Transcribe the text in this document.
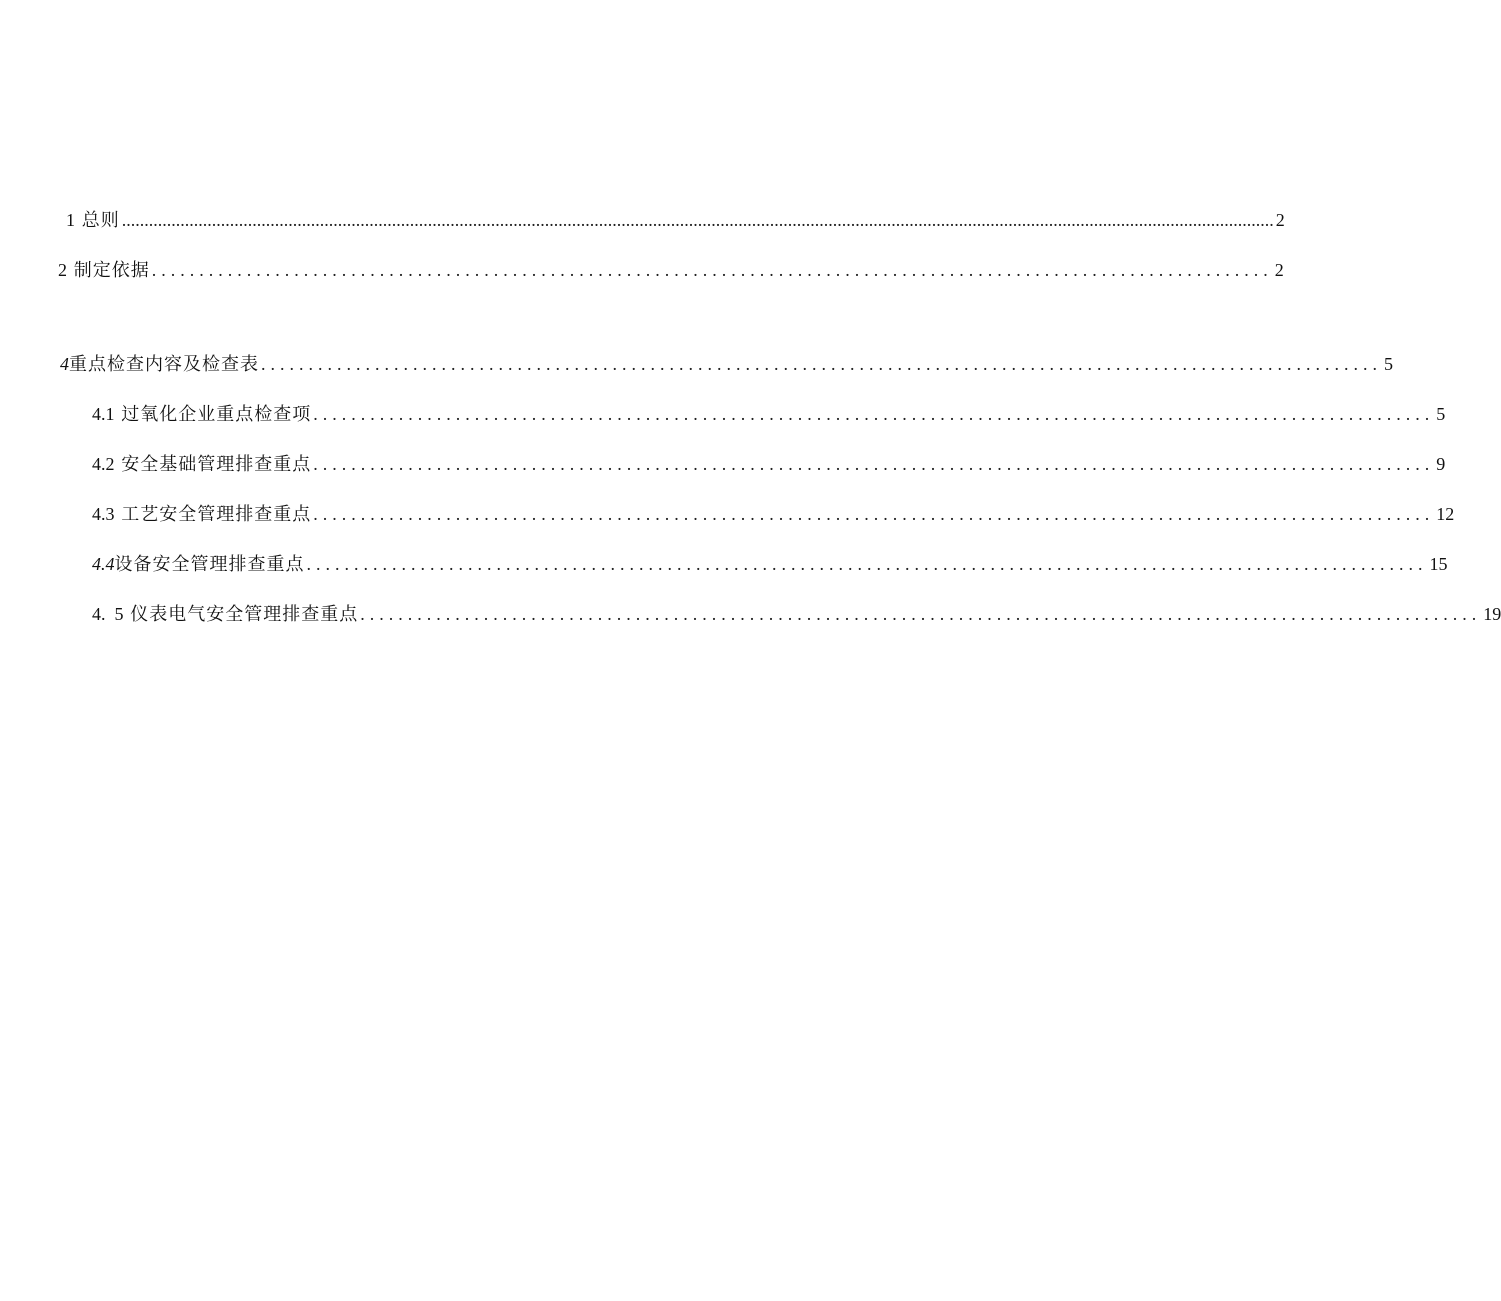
1 总则 ................................................................................................................................................................................................................................................................ 2
2 制定依据 ...................................................................................................................... 2
4重点检查内容及检查表 ...................................................................................................................... 5
4.1 过氧化企业重点检查项 ...................................................................................................................... 5
4.2 安全基础管理排查重点 ...................................................................................................................... 9
4.3 工艺安全管理排查重点 ...................................................................................................................... 12
4.4设备安全管理排查重点 ...................................................................................................................... 15
4.  5 仪表电气安全管理排查重点 ...................................................................................................................... 19
